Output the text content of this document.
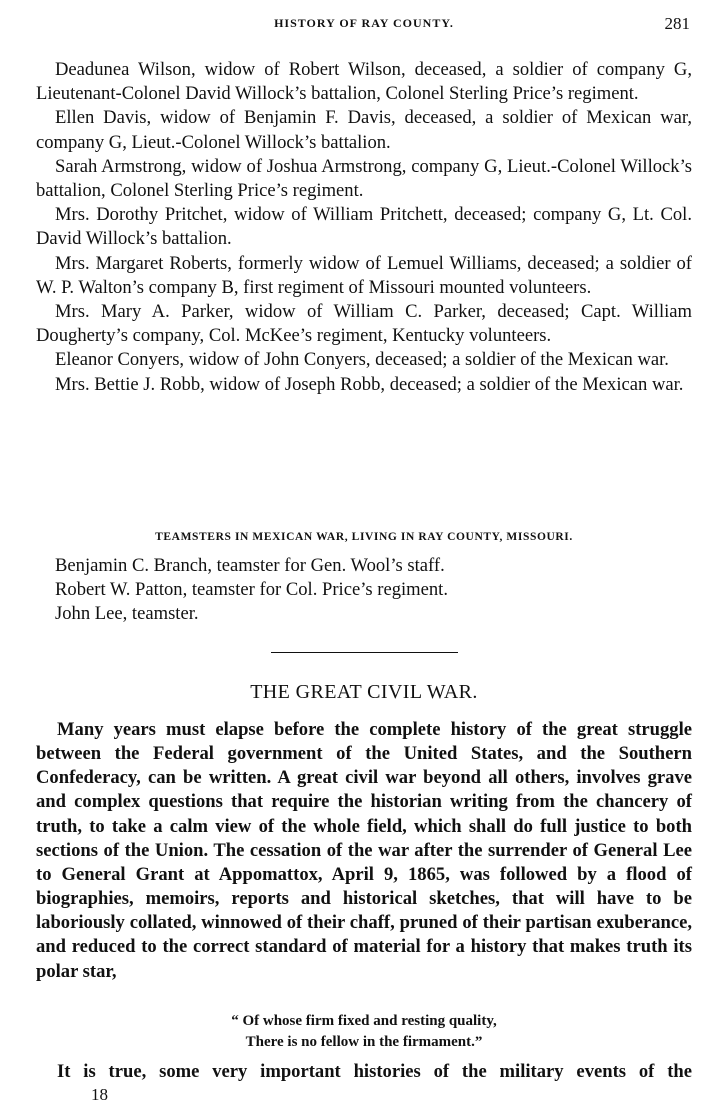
HISTORY OF RAY COUNTY.	281

Deadunea Wilson, widow of Robert Wilson, deceased, a soldier of company G, Lieutenant-Colonel David Willock’s battalion, Colonel Sterling Price’s regiment.

Ellen Davis, widow of Benjamin F. Davis, deceased, a soldier of Mexican war, company G, Lieut.-Colonel Willock’s battalion.

Sarah Armstrong, widow of Joshua Armstrong, company G, Lieut.-Colonel Willock’s battalion, Colonel Sterling Price’s regiment.

Mrs. Dorothy Pritchet, widow of William Pritchett, deceased; company G, Lt. Col. David Willock’s battalion.

Mrs. Margaret Roberts, formerly widow of Lemuel Williams, deceased; a soldier of W. P. Walton’s company B, first regiment of Missouri mounted volunteers.

Mrs. Mary A. Parker, widow of William C. Parker, deceased; Capt. William Dougherty’s company, Col. McKee’s regiment, Kentucky volunteers.

Eleanor Conyers, widow of John Conyers, deceased; a soldier of the Mexican war.

Mrs. Bettie J. Robb, widow of Joseph Robb, deceased; a soldier of the Mexican war.

TEAMSTERS IN MEXICAN WAR, LIVING IN RAY COUNTY, MISSOURI.

Benjamin C. Branch, teamster for Gen. Wool’s staff.

Robert W. Patton, teamster for Col. Price’s regiment.

John Lee, teamster.

THE GREAT CIVIL WAR.

Many years must elapse before the complete history of the great struggle between the Federal government of the United States, and the Southern Confederacy, can be written. A great civil war beyond all others, involves grave and complex questions that require the historian writing from the chancery of truth, to take a calm view of the whole field, which shall do full justice to both sections of the Union. The cessation of the war after the surrender of General Lee to General Grant at Appomattox, April 9, 1865, was followed by a flood of biographies, memoirs, reports and historical sketches, that will have to be laboriously collated, winnowed of their chaff, pruned of their partisan exuberance, and reduced to the correct standard of material for a history that makes truth its polar star,

“ Of whose firm fixed and resting quality,
There is no fellow in the firmament.”
It is true, some very important histories of the military events of the
18
